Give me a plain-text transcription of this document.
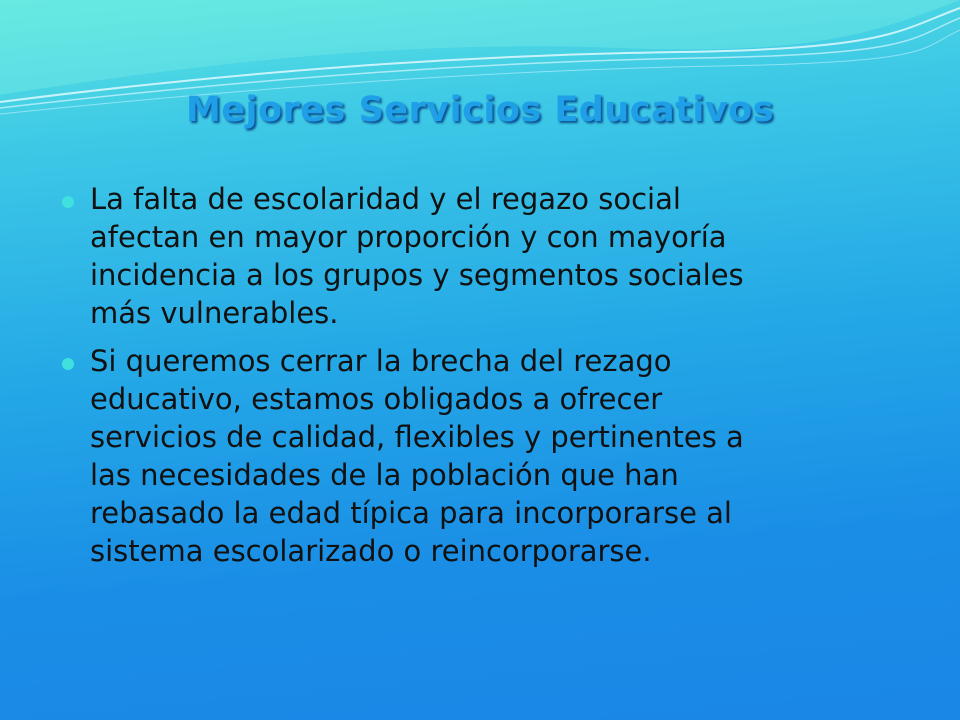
Mejores Servicios Educativos
La falta de escolaridad y el regazo social
afectan en mayor proporción y con mayoría
incidencia a los grupos y segmentos sociales
más vulnerables.
Si queremos cerrar la brecha del rezago
educativo, estamos obligados a ofrecer
servicios de calidad, flexibles y pertinentes a
las necesidades de la población que han
rebasado la edad típica para incorporarse al
sistema escolarizado o reincorporarse.
